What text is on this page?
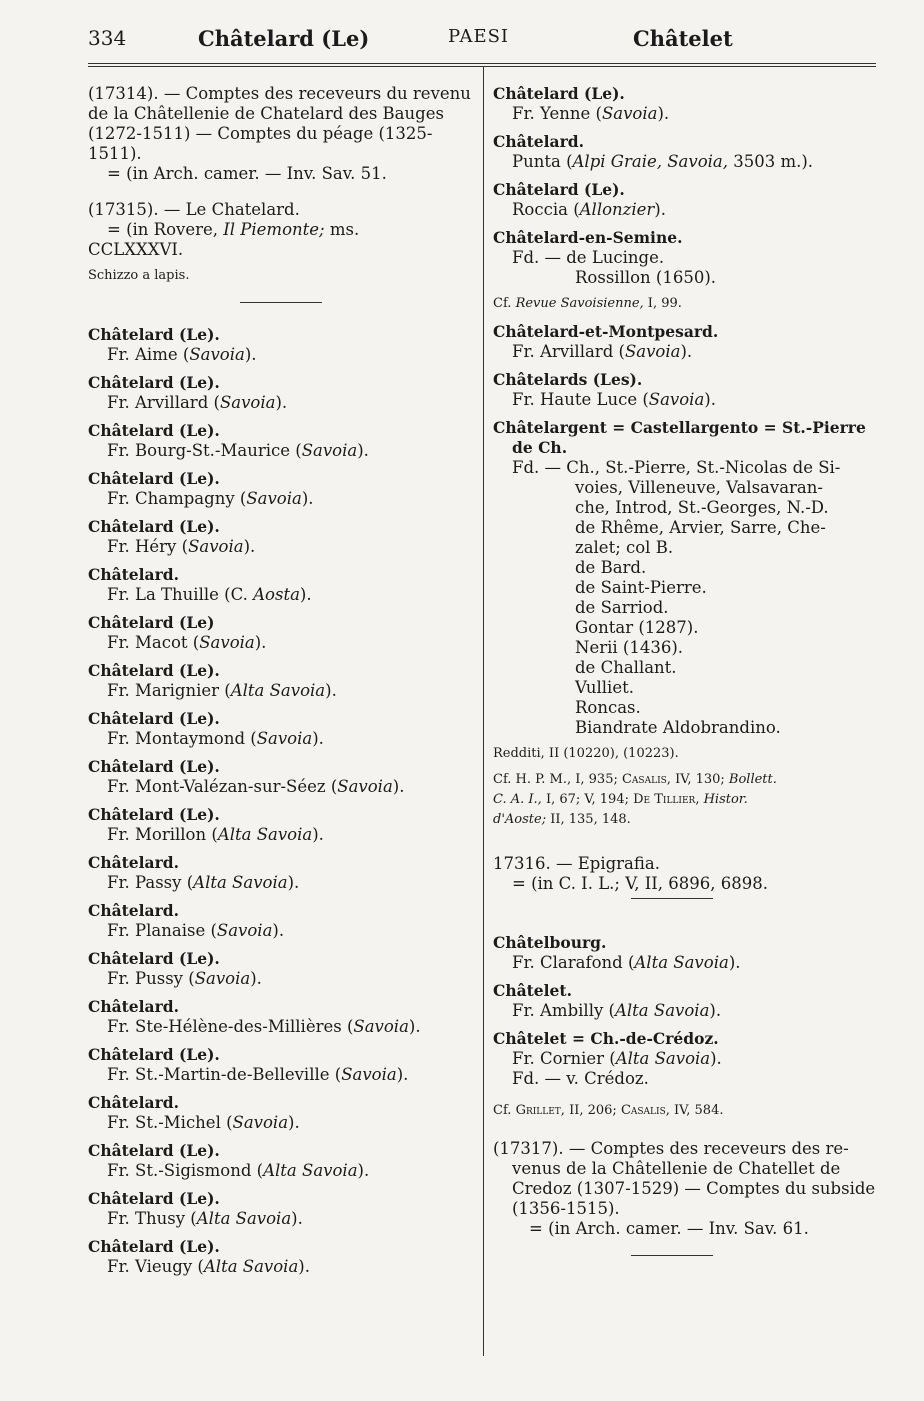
334	Châtelard (Le)	PAESI	Châtelet

(17314). — Comptes des receveurs du revenu

de la Châtellenie de Chatelard des Bauges

(1272-1511) — Comptes du péage (1325-

1511).

= (in Arch. camer. — Inv. Sav. 51.

(17315). — Le Chatelard.

= (in Rovere, Il Piemonte; ms.

CCLXXXVI.

Schizzo a lapis.

Châtelard (Le).

Fr. Aime (Savoia).

Châtelard (Le).

Fr. Arvillard (Savoia).

Châtelard (Le).

Fr. Bourg-St.-Maurice (Savoia).

Châtelard (Le).

Fr. Champagny (Savoia).

Châtelard (Le).

Fr. Héry (Savoia).

Châtelard.

Fr. La Thuille (C. Aosta).

Châtelard (Le)

Fr. Macot (Savoia).

Châtelard (Le).

Fr. Marignier (Alta Savoia).

Châtelard (Le).

Fr. Montaymond (Savoia).

Châtelard (Le).

Fr. Mont-Valézan-sur-Séez (Savoia).

Châtelard (Le).

Fr. Morillon (Alta Savoia).

Châtelard.

Fr. Passy (Alta Savoia).

Châtelard.

Fr. Planaise (Savoia).

Châtelard (Le).

Fr. Pussy (Savoia).

Châtelard.

Fr. Ste-Hélène-des-Millières (Savoia).

Châtelard (Le).

Fr. St.-Martin-de-Belleville (Savoia).

Châtelard.

Fr. St.-Michel (Savoia).

Châtelard (Le).

Fr. St.-Sigismond (Alta Savoia).

Châtelard (Le).

Fr. Thusy (Alta Savoia).

Châtelard (Le).

Fr. Vieugy (Alta Savoia).

Châtelard (Le).

Fr. Yenne (Savoia).

Châtelard.

Punta (Alpi Graie, Savoia, 3503 m.).

Châtelard (Le).

Roccia (Allonzier).

Châtelard-en-Semine.

Fd. — de Lucinge.

Rossillon (1650).

Cf. Revue Savoisienne, I, 99.

Châtelard-et-Montpesard.

Fr. Arvillard (Savoia).

Châtelards (Les).

Fr. Haute Luce (Savoia).

Châtelargent = Castellargento = St.-Pierre

de Ch.

Fd. — Ch., St.-Pierre, St.-Nicolas de Si-

voies, Villeneuve, Valsavaran-

che, Introd, St.-Georges, N.-D.

de Rhême, Arvier, Sarre, Che-

zalet; col B.

de Bard.

de Saint-Pierre.

de Sarriod.

Gontar (1287).

Nerii (1436).

de Challant.

Vulliet.

Roncas.

Biandrate Aldobrandino.

Redditi, II (10220), (10223).

Cf. H. P. M., I, 935; Casalis, IV, 130; Bollett.

C. A. I., I, 67; V, 194; De Tillier, Histor.

d'Aoste; II, 135, 148.

17316. — Epigrafia.

= (in C. I. L.; V, II, 6896, 6898.

Châtelbourg.

Fr. Clarafond (Alta Savoia).

Châtelet.

Fr. Ambilly (Alta Savoia).

Châtelet = Ch.-de-Crédoz.

Fr. Cornier (Alta Savoia).

Fd. — v. Crédoz.

Cf. Grillet, II, 206; Casalis, IV, 584.

(17317). — Comptes des receveurs des re-

venus de la Châtellenie de Chatellet de

Credoz (1307-1529) — Comptes du subside

(1356-1515).

= (in Arch. camer. — Inv. Sav. 61.
